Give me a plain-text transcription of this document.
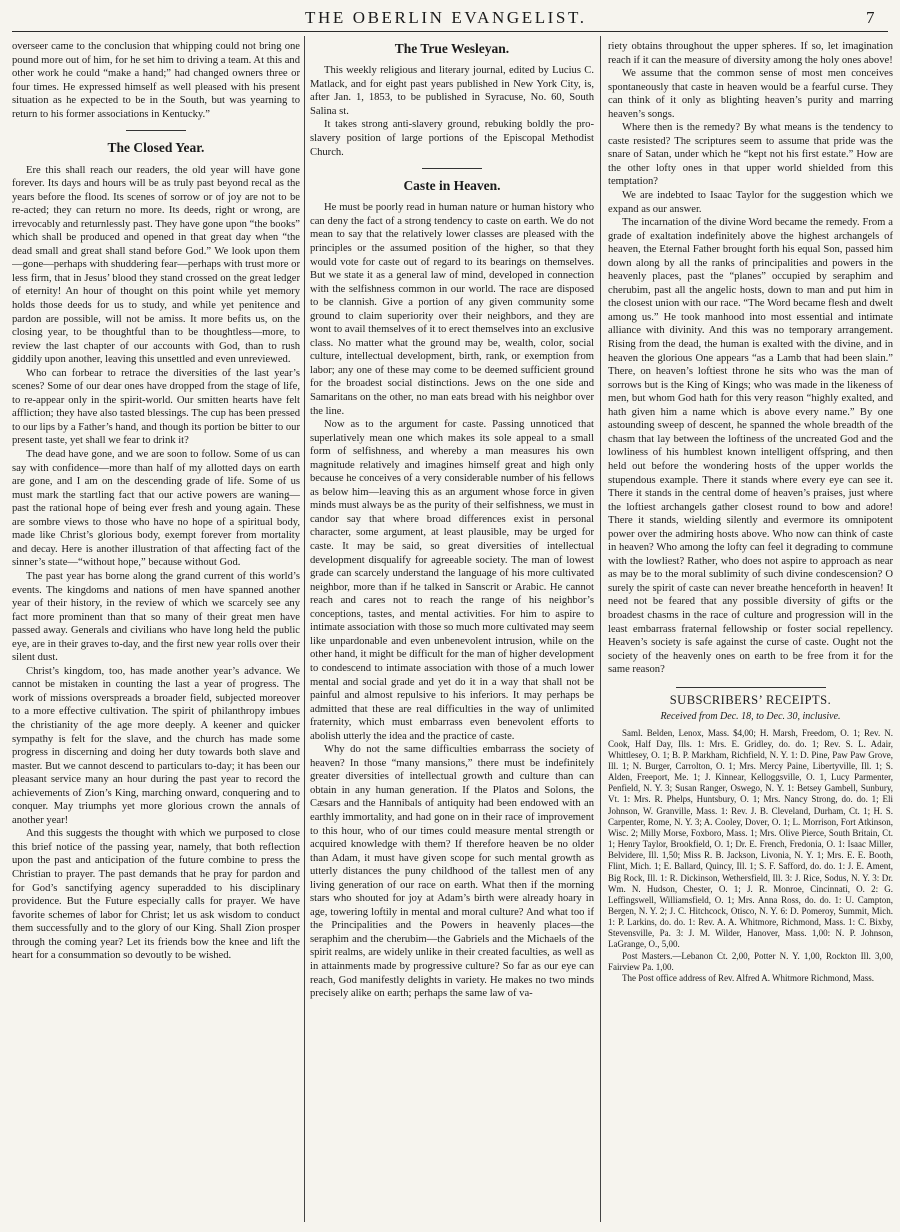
THE OBERLIN EVANGELIST.	7

overseer came to the conclusion that whipping could not bring one pound more out of him, for he set him to driving a team. At this and other work he could “make a hand;” had changed owners three or four times. He expressed himself as well pleased with his present situation as he expected to be in the South, but was yearning to return to his former associations in Kentucky.”

The Closed Year.

Ere this shall reach our readers, the old year will have gone forever. Its days and hours will be as truly past beyond recal as the years before the flood. Its scenes of sorrow or of joy are not to be re-acted; they can return no more. Its deeds, right or wrong, are irrevocably and returnlessly past. They have gone upon “the books” which shall be produced and opened in that great day when “the dead small and great shall stand before God.” We look upon them—gone—perhaps with shuddering fear—perhaps with trust more or less firm, that in Jesus’ blood they stand crossed on the great ledger of eternity! An hour of thought on this point while yet memory holds those deeds for us to study, and while yet penitence and pardon are possible, will not be amiss. It more befits us, on the closing year, to be thoughtful than to be thoughtless—more, to review the last chapter of our accounts with God, than to rush giddily upon another, leaving this unsettled and even unreviewed.

Who can forbear to retrace the diversities of the last year’s scenes? Some of our dear ones have dropped from the stage of life, to re-appear only in the spirit-world. Our smitten hearts have felt affliction; they have also tasted blessings. The cup has been pressed to our lips by a Father’s hand, and though its portion be bitter to our present taste, yet shall we fear to drink it?

The dead have gone, and we are soon to follow. Some of us can say with confidence—more than half of my allotted days on earth are gone, and I am on the descending grade of life. Some of us must mark the startling fact that our active powers are waning—past the rational hope of being ever fresh and young again. These are sombre views to those who have no hope of a spiritual body, made like Christ’s glorious body, exempt forever from mortality and decay. Here is another illustration of that affecting fact of the sinner’s state—“without hope,” because without God.

The past year has borne along the grand current of this world’s events. The kingdoms and nations of men have spanned another year of their history, in the review of which we scarcely see any fact more prominent than that so many of their great men have passed away. Generals and civilians who have long held the public eye, are in their graves to-day, and the first new year rolls over their silent dust.

Christ’s kingdom, too, has made another year’s advance. We cannot be mistaken in counting the last a year of progress. The work of missions overspreads a broader field, subjected moreover to a more effective cultivation. The spirit of philanthropy imbues the christianity of the age more deeply. A keener and quicker sympathy is felt for the slave, and the church has made some progress in discerning and doing her duty towards both slave and master. But we cannot descend to particulars to-day; it has been our pleasant service many an hour during the past year to record the achievements of Zion’s King, marching onward, conquering and to conquer. May triumphs yet more glorious crown the annals of another year!

And this suggests the thought with which we purposed to close this brief notice of the passing year, namely, that both reflection upon the past and anticipation of the future combine to press the Christian to prayer. The past demands that he pray for pardon and for God’s sanctifying agency superadded to his disciplinary providence. But the Future especially calls for prayer. We have favorite schemes of labor for Christ; let us ask wisdom to conduct them successfully and to the glory of our King. Shall Zion prosper through the coming year? Let its friends bow the knee and lift the heart for a consummation so devoutly to be wished.

The True Wesleyan.

This weekly religious and literary journal, edited by Lucius C. Matlack, and for eight past years published in New York City, is, after Jan. 1, 1853, to be published in Syracuse, No. 60, South Salina st.

It takes strong anti-slavery ground, rebuking boldly the pro-slavery position of large portions of the Episcopal Methodist Church.

Caste in Heaven.

He must be poorly read in human nature or human history who can deny the fact of a strong tendency to caste on earth. We do not mean to say that the relatively lower classes are pleased with the principles or the assumed position of the higher, so that they would vote for caste out of regard to its bearings on themselves. But we state it as a general law of mind, developed in connection with the selfishness common in our world. The race are disposed to be clannish. Give a portion of any given community some ground to claim superiority over their neighbors, and they are wont to avail themselves of it to erect themselves into an exclusive class. No matter what the ground may be, wealth, color, social culture, intellectual development, birth, rank, or exemption from labor; any one of these may come to be deemed sufficient ground for the broadest social distinctions. Jews on the one side and Samaritans on the other, no man eats bread with his neighbor over the line.

Now as to the argument for caste. Passing unnoticed that superlatively mean one which makes its sole appeal to a small form of selfishness, and whereby a man measures his own magnitude relatively and imagines himself great and high only because he conceives of a very considerable number of his fellows as below him—leaving this as an argument whose force in given minds must always be as the purity of their selfishness, we must in candor say that where broad differences exist in personal character, some argument, at least plausible, may be urged for caste. It may be said, so great diversities of intellectual development disqualify for agreeable society. The man of lowest grade can scarcely understand the language of his more cultivated neighbor, more than if he talked in Sanscrit or Arabic. He cannot reach and cares not to reach the range of his neighbor’s conceptions, tastes, and mental activities. For him to aspire to intimate association with those so much more cultivated may seem like unpardonable and even unbenevolent intrusion, while on the other hand, it might be difficult for the man of higher development to condescend to intimate association with those of a much lower mental and social grade and yet do it in a way that shall not be painful and almost repulsive to his inferiors. It may perhaps be admitted that these are real difficulties in the way of unlimited fraternity, which must embarrass even benevolent efforts to abolish utterly the idea and the practice of caste.

Why do not the same difficulties embarrass the society of heaven? In those “many mansions,” there must be indefinitely greater diversities of intellectual growth and culture than can obtain in any human generation. If the Platos and Solons, the Cæsars and the Hannibals of antiquity had been endowed with an earthly immortality, and had gone on in their race of improvement to this hour, who of our times could measure mental strength or acquired knowledge with them? If therefore heaven be no older than Adam, it must have given scope for such mental growth as utterly distances the puny childhood of the tallest men of any living generation of our race on earth. What then if the morning stars who shouted for joy at Adam’s birth were already hoary in age, towering loftily in mental and moral culture? And what too if the Principalities and the Powers in heavenly places—the seraphim and the cherubim—the Gabriels and the Michaels of the spirit realms, are widely unlike in their created faculties, as well as in attainments made by progressive culture? So far as our eye can reach, God manifestly delights in variety. He makes no two minds precisely alike on earth; perhaps the same law of va-

riety obtains throughout the upper spheres. If so, let imagination reach if it can the measure of diversity among the holy ones above!

We assume that the common sense of most men conceives spontaneously that caste in heaven would be a fearful curse. They can think of it only as blighting heaven’s purity and marring heaven’s songs.

Where then is the remedy? By what means is the tendency to caste resisted? The scriptures seem to assume that pride was the snare of Satan, under which he “kept not his first estate.” How are the other lofty ones in that upper world shielded from this temptation?

We are indebted to Isaac Taylor for the suggestion which we expand as our answer.

The incarnation of the divine Word became the remedy. From a grade of exaltation indefinitely above the highest archangels of heaven, the Eternal Father brought forth his equal Son, passed him down along by all the ranks of principalities and powers in the heavenly places, past the “planes” occupied by seraphim and cherubim, past all the angelic hosts, down to man and put him in the closest union with our race. “The Word became flesh and dwelt among us.” He took manhood into most essential and intimate alliance with divinity. And this was no temporary arrangement. Rising from the dead, the human is exalted with the divine, and in heaven the glorious One appears “as a Lamb that had been slain.” There, on heaven’s loftiest throne he sits who was the man of sorrows but is the King of Kings; who was made in the likeness of men, but whom God hath for this very reason “highly exalted, and hath given him a name which is above every name.” By one astounding sweep of descent, he spanned the whole breadth of the chasm that lay between the loftiness of the uncreated God and the lowliness of his humblest known intelligent offspring, and then held out before the wondering hosts of the upper worlds the stupendous example. There it stands where every eye can see it. There it stands in the central dome of heaven’s praises, just where the loftiest archangels gather closest round to bow and adore! There it stands, wielding silently and evermore its omnipotent power over the admiring hosts above. Who now can think of caste in heaven? Who among the lofty can feel it degrading to commune with the lowliest? Rather, who does not aspire to approach as near as may be to the moral sublimity of such divine condescension? O surely the spirit of caste can never breathe henceforth in heaven! It need not be feared that any possible diversity of gifts or the broadest chasms in the race of culture and progression will in the least embarrass fraternal fellowship or foster social repellency. Heaven’s society is safe against the curse of caste. Ought not the society of the heavenly ones on earth to be free from it for the same reason?

SUBSCRIBERS’ RECEIPTS.
Received from Dec. 18, to Dec. 30, inclusive.

Saml. Belden, Lenox, Mass. $4,00; H. Marsh, Freedom, O. 1; Rev. N. Cook, Half Day, Ills. 1: Mrs. E. Gridley, do. do. 1; Rev. S. L. Adair, Whittlesey, O. 1; B. P. Markham, Richfield, N. Y. 1: D. Pine, Paw Paw Grove, Ill. 1; N. Burger, Carrolton, O. 1; Mrs. Mercy Paine, Libertyville, Ill. 1; S. Alden, Freeport, Me. 1; J. Kinnear, Kelloggsville, O. 1, Lucy Parmenter, Penfield, N. Y. 3; Susan Ranger, Oswego, N. Y. 1: Betsey Gambell, Sunbury, Vt. 1: Mrs. R. Phelps, Huntsbury, O. 1; Mrs. Nancy Strong, do. do. 1; Eli Johnson, W. Granville, Mass. 1: Rev. J. B. Cleveland, Durham, Ct. 1; H. S. Carpenter, Rome, N. Y. 3; A. Cooley, Dover, O. 1; L. Morrison, Fort Atkinson, Wisc. 2; Milly Morse, Foxboro, Mass. 1; Mrs. Olive Pierce, South Britain, Ct. 1; Henry Taylor, Brookfield, O. 1; Dr. E. French, Fredonia, O. 1: Isaac Miller, Belvidere, Ill. 1,50; Miss R. B. Jackson, Livonia, N. Y. 1; Mrs. E. E. Booth, Flint, Mich. 1; E. Ballard, Quincy, Ill. 1; S. F. Safford, do. do. 1: J. E. Ament, Big Rock, Ill. 1: R. Dickinson, Wethersfield, Ill. 3: J. Rice, Sodus, N. Y. 3: Dr. Wm. N. Hudson, Chester, O. 1; J. R. Monroe, Cincinnati, O. 2: G. Leffingswell, Williamsfield, O. 1; Mrs. Anna Ross, do. do. 1: U. Campton, Bergen, N. Y. 2; J. C. Hitchcock, Otisco, N. Y. 6: D. Pomeroy, Summit, Mich. 1: P. Larkins, do. do. 1: Rev. A. A. Whitmore, Richmond, Mass. 1: C. Bixby, Stevensville, Pa. 3: J. M. Wilder, Hanover, Mass. 1,00: N. P. Johnson, LaGrange, O., 5,00.

Post Masters.—Lebanon Ct. 2,00, Potter N. Y. 1,00, Rockton Ill. 3,00, Fairview Pa. 1,00.

The Post office address of Rev. Alfred A. Whitmore Richmond, Mass.
